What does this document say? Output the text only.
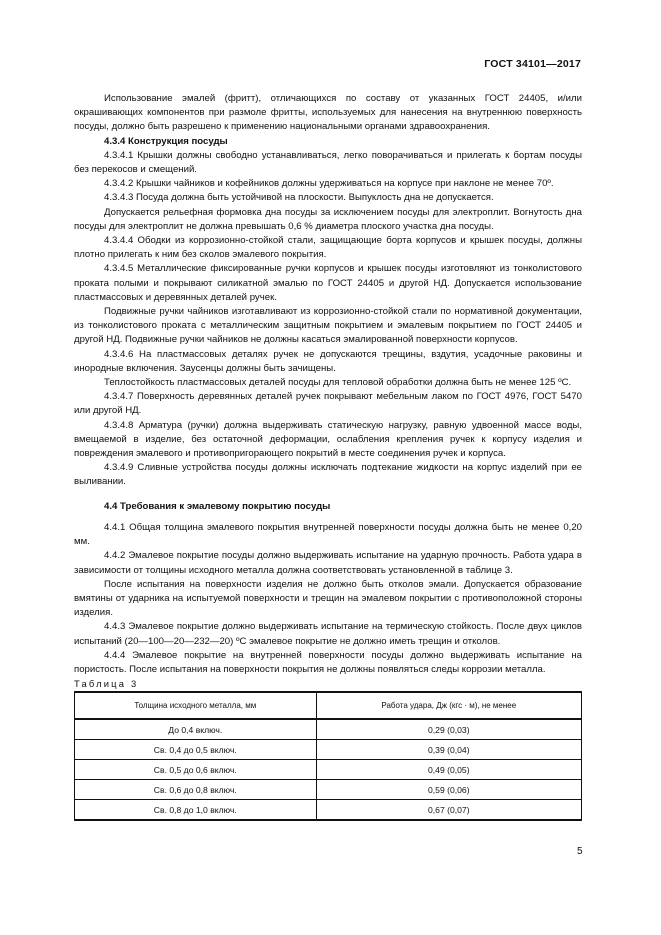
ГОСТ 34101—2017

Использование эмалей (фритт), отличающихся по составу от указанных ГОСТ 24405, и/или окрашивающих компонентов при размоле фритты, используемых для нанесения на внутреннюю поверхность посуды, должно быть разрешено к применению национальными органами здравоохранения.

4.3.4 Конструкция посуды

4.3.4.1 Крышки должны свободно устанавливаться, легко поворачиваться и прилегать к бортам посуды без перекосов и смещений.

4.3.4.2 Крышки чайников и кофейников должны удерживаться на корпусе при наклоне не менее 70º.

4.3.4.3 Посуда должна быть устойчивой на плоскости. Выпуклость дна не допускается.

Допускается рельефная формовка дна посуды за исключением посуды для электроплит. Вогнутость дна посуды для электроплит не должна превышать 0,6 % диаметра плоского участка дна посуды.

4.3.4.4 Ободки из коррозионно-стойкой стали, защищающие борта корпусов и крышек посуды, должны плотно прилегать к ним без сколов эмалевого покрытия.

4.3.4.5 Металлические фиксированные ручки корпусов и крышек посуды изготовляют из тонколистового проката полыми и покрывают силикатной эмалью по ГОСТ 24405 и другой НД. Допускается использование пластмассовых и деревянных деталей ручек.

Подвижные ручки чайников изготавливают из коррозионно-стойкой стали по нормативной документации, из тонколистового проката с металлическим защитным покрытием и эмалевым покрытием по ГОСТ 24405 и другой НД. Подвижные ручки чайников не должны касаться эмалированной поверхности корпусов.

4.3.4.6 На пластмассовых деталях ручек не допускаются трещины, вздутия, усадочные раковины и инородные включения. Заусенцы должны быть зачищены.

Теплостойкость пластмассовых деталей посуды для тепловой обработки должна быть не менее 125 ºС.

4.3.4.7 Поверхность деревянных деталей ручек покрывают мебельным лаком по ГОСТ 4976, ГОСТ 5470 или другой НД.

4.3.4.8 Арматура (ручки) должна выдерживать статическую нагрузку, равную удвоенной массе воды, вмещаемой в изделие, без остаточной деформации, ослабления крепления ручек к корпусу изделия и повреждения эмалевого и противопригорающего покрытий в месте соединения ручек и корпуса.

4.3.4.9 Сливные устройства посуды должны исключать подтекание жидкости на корпус изделий при ее выливании.

4.4 Требования к эмалевому покрытию посуды

4.4.1 Общая толщина эмалевого покрытия внутренней поверхности посуды должна быть не менее 0,20 мм.

4.4.2 Эмалевое покрытие посуды должно выдерживать испытание на ударную прочность. Работа удара в зависимости от толщины исходного металла должна соответствовать установленной в таблице 3.

После испытания на поверхности изделия не должно быть отколов эмали. Допускается образование вмятины от ударника на испытуемой поверхности и трещин на эмалевом покрытии с противоположной стороны изделия.

4.4.3 Эмалевое покрытие должно выдерживать испытание на термическую стойкость. После двух циклов испытаний (20—100—20—232—20) ºС эмалевое покрытие не должно иметь трещин и отколов.

4.4.4 Эмалевое покрытие на внутренней поверхности посуды должно выдерживать испытание на пористость. После испытания на поверхности покрытия не должны появляться следы коррозии металла.

Таблица 3

Толщина исходного металла, мм	Работа удара, Дж (кгс · м), не менее
До 0,4 включ.	0,29 (0,03)
Св. 0,4 до 0,5 включ.	0,39 (0,04)
Св. 0,5 до 0,6 включ.	0,49 (0,05)
Св. 0,6 до 0,8 включ.	0,59 (0,06)
Св. 0,8 до 1,0 включ.	0,67 (0,07)
5
